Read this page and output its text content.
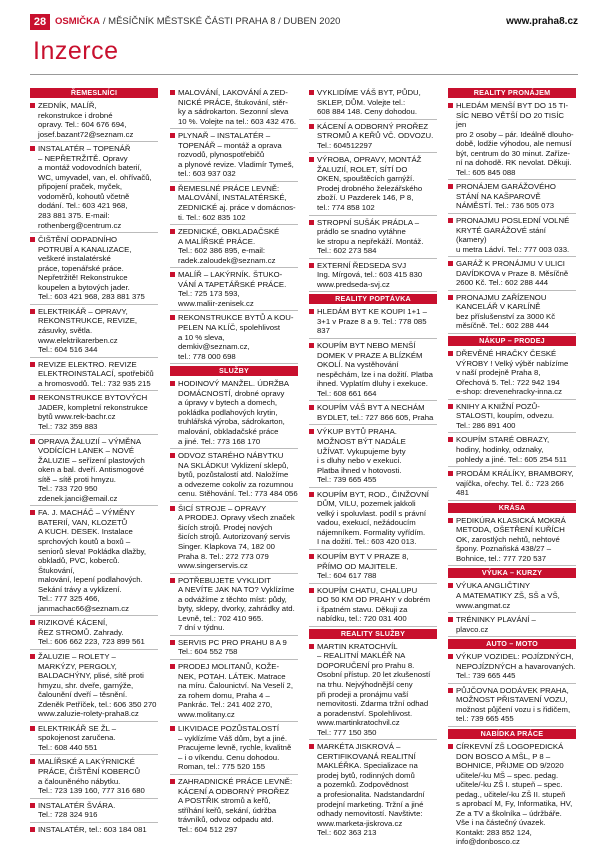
28 OSMIČKA / MĚSÍČNÍK MĚSTSKÉ ČÁSTI PRAHA 8 / DUBEN 2020	www.praha8.cz
Inzerce
ŘEMESLNÍCI
ZEDNÍK, MALÍŘ,
rekonstrukce i drobné
opravy. Tel.: 604 676 694,
josef.bazant72@seznam.cz
INSTALATÉR – TOPENÁŘ
– NEPŘETRŽITĚ. Opravy
a montáž vodovodních baterií,
WC, umyvadel, van, el. ohřívačů,
připojení praček, myček,
vodoměrů, kohoutů včetně
dodání. Tel.: 603 421 968,
283 881 375. E-mail:
rothenberg@centrum.cz
ČIŠTĚNÍ ODPADNÍHO
POTRUBÍ A KANALIZACE,
veškeré instalatérské
práce, topenářské práce.
Nepřetržitě! Rekonstrukce
koupelen a bytových jader.
Tel.: 603 421 968, 283 881 375
ELEKTRIKÁŘ – OPRAVY,
REKONSTRUKCE, REVIZE,
zásuvky, světla.
www.elektrikarerben.cz
Tel.: 604 516 344
REVIZE ELEKTRO. REVIZE
ELEKTROINSTALACÍ, spotřebičů
a hromosvodů. Tel.: 732 935 215
REKONSTRUKCE BYTOVÝCH
JADER, kompletní rekonstrukce
bytů www.rek-bachr.cz
Tel.: 732 359 883
OPRAVA ŽALUZIÍ – VÝMĚNA
VODÍCÍCH LANEK – NOVÉ
ŽALUZIE – seřízení plastových
oken a bal. dveří. Antismogové
sítě – sítě proti hmyzu.
Tel.: 733 720 950
zdenek.janci@email.cz
FA. J. MACHÁČ – VÝMĚNY
BATERIÍ, VAN, KLOZETŮ
A KUCH. DESEK. Instalace
sprchových koutů a boxů –
seniorů sleva! Pokládka dlažby,
obkladů, PVC, koberců. Štukování,
malování, lepení podlahových.
Sekání trávy a vyklizení.
Tel.: 777 325 466,
janmachac66@seznam.cz
RIZIKOVÉ KÁCENÍ,
ŘEZ STROMŮ. Zahrady.
Tel.: 606 662 223, 723 899 561
ŽALUZIE – ROLETY –
MARKÝZY, PERGOLY,
BALDACHÝNY, plisé, sítě proti
hmyzu, shr. dveře, garnýže,
čalounění dveří – těsnění.
Zdeněk Petříček, tel.: 606 350 270
www.zaluzie-rolety-praha8.cz
ELEKTRIKÁŘ SE ŽL –
spokojenost zaručena.
Tel.: 608 440 551
MALÍŘSKÉ A LAKÝRNICKÉ
PRÁCE, ČIŠTĚNÍ KOBERCŮ
a čalouněného nábytku.
Tel.: 723 139 160, 777 316 680
INSTALATÉR ŠVÁRA.
Tel.: 728 324 916
INSTALATÉR, tel.: 603 184 081
MALOVÁNÍ, LAKOVÁNÍ A ZED-
NICKÉ PRÁCE, štukování, stěr-
ky a sádrokarton. Sezonní sleva
10 %. Volejte na tel.: 603 432 476.
PLYNAŘ – INSTALATÉR –
TOPENÁŘ – montáž a oprava
rozvodů, plynospotřebičů
a plynové revize. Vladimír Tymeš,
tel.: 603 937 032
ŘEMESLNÉ PRÁCE LEVNĚ:
MALOVÁNÍ, INSTALATÉRSKÉ,
ZEDNICKÉ aj. práce v domácnos-
ti. Tel.: 602 835 102
ZEDNICKÉ, OBKLADAČSKÉ
A MALÍŘSKÉ PRÁCE.
Tel.: 602 386 895, e-mail:
radek.zaloudek@seznam.cz
MALÍŘ – LAKÝRNÍK. ŠTUKO-
VÁNÍ A TAPETÁŘSKÉ PRÁCE.
Tel.: 725 173 593,
www.maliir-zenisek.cz
REKONSTRUKCE BYTŮ A KOU-
PELEN NA KLÍČ, spolehlivost
a 10 % sleva, demkiv@seznam.cz,
tel.: 778 000 698
SLUŽBY
HODINOVÝ MANŽEL. ÚDRŽBA
DOMÁCNOSTÍ, drobné opravy
a úpravy v bytech a domech,
pokládka podlahových krytin,
truhlářská výroba, sádrokarton,
malování, obkladačské práce
a jiné. Tel.: 773 168 170
ODVOZ STARÉHO NÁBYTKU
NA SKLÁDKU! Vyklizení sklepů,
bytů, pozůstalostí atd. Naložíme
a odvezeme cokoliv za rozumnou
cenu. Stěhování. Tel.: 773 484 056
ŠICÍ STROJE – OPRAVY
A PRODEJ. Opravy všech značek
šicích strojů. Prodej nových
šicích strojů. Autorizovaný servis
Singer. Klapkova 74, 182 00
Praha 8. Tel.: 272 773 079
www.singerservis.cz
POTŘEBUJETE VYKLIDIT
A NEVÍTE JAK NA TO? Vyklízíme
a odvážíme z těchto míst: půdy,
byty, sklepy, dvorky, zahrádky atd.
Levně, tel.: 702 410 965.
7 dní v týdnu.
SERVIS PC PRO PRAHU 8 A 9
Tel.: 604 552 758
PRODEJ MOLITANŮ, KOŽE-
NEK, POTAH. LÁTEK. Matrace
na míru. Čalounictví. Na Veselí 2,
za rohem domu, Praha 4 –
Pankrác. Tel.: 241 402 270,
www.molitany.cz
LIKVIDACE POZŮSTALOSTÍ
– vyklízíme Váš dům, byt a jiné.
Pracujeme levně, rychle, kvalitně
– i o víkendu. Cenu dohodou.
Roman, tel.: 775 520 155
ZAHRADNICKÉ PRÁCE LEVNĚ:
KÁCENÍ A ODBORNÝ PROŘEZ
A POSTŘIK stromů a keřů,
stříhání keřů, sekání, údržba
trávníků, odvoz odpadu atd.
Tel.: 604 512 297
VYKLIDÍME VÁŠ BYT, PŮDU,
SKLEP, DŮM. Volejte tel.:
608 884 148. Ceny dohodou.
KÁCENÍ A ODBORNÝ PROŘEZ
STROMŮ A KEŘŮ VČ. ODVOZU.
Tel.: 604512297
VÝROBA, OPRAVY, MONTÁŽ
ŽALUZIÍ, ROLET, SÍTÍ DO
OKEN, spouštěcích garnýží.
Prodej drobného železářského
zboží. U Pazderek 146, P 8,
tel.: 774 858 102
STROPNÍ SUŠÁK PRÁDLA –
prádlo se snadno vytáhne
ke stropu a nepřekáží. Montáž.
Tel.: 602 273 584
EXTERNÍ ŘEDSEDA SVJ
Ing. Mírgová, tel.: 603 415 830
www.predseda-svj.cz
REALITY POPTÁVKA
HLEDÁM BYT KE KOUPI 1+1 –
3+1 v Praze 8 a 9. Tel.: 778 085 837
KOUPÍM BYT NEBO MENŠÍ
DOMEK V PRAZE A BLÍZKÉM
OKOLÍ. Na vystěhování
nespěchám, lze i na dožití. Platba
ihned. Vyplatím dluhy i exekuce.
Tel.: 608 661 664
KOUPÍM VÁŠ BYT A NECHÁM
BYDLET, tel.: 727 866 605, Praha
VÝKUP BYTŮ PRAHA.
MOŽNOST BÝT NADÁLE
UŽÍVAT. Vykupujeme byty
i s dluhy nebo v exekuci.
Platba ihned v hotovosti.
Tel.: 739 665 455
KOUPÍM BYT, ROD., ČINŽOVNÍ
DŮM, VILU, pozemek jakkoli
velký i spoluvlast. podíl s právní
vadou, exekucí, nežádoucím
nájemníkem. Formality vyřídím.
I na dožití. Tel.: 603 420 013.
KOUPÍM BYT V PRAZE 8,
PŘÍMO OD MAJITELE.
Tel.: 604 617 788
KOUPÍM CHATU, CHALUPU
DO 50 KM OD PRAHY v dobrém
i špatném stavu. Děkuji za
nabídku, tel.: 720 031 400
REALITY SLUŽBY
MARTIN KRATOCHVÍL
– REALITNÍ MAKLÉŘ NA
DOPORUČENÍ pro Prahu 8.
Osobní přístup. 20 let zkušeností
na trhu. Nejvýhodnější ceny
při prodeji a pronájmu vaší
nemovitosti. Zdarma tržní odhad
a poradenství. Spolehlivost.
www.martinkratochvil.cz
Tel.: 777 150 350
MARKÉTA JISKROVÁ –
CERTIFIKOVANÁ REALITNÍ
MAKLÉŘKA. Specializace na
prodej bytů, rodinných domů
a pozemků. Zodpovědnost
a profesionalita. Nadstandardní
prodejní marketing. Tržní a jiné
odhady nemovitostí. Navštivte:
www.marketa-jiskrova.cz
Tel.: 602 363 213
REALITY PRONÁJEM
HLEDÁM MENŠÍ BYT DO 15 TI-
SÍC NEBO VĚTŠÍ DO 20 TISÍC jen
pro 2 osoby – pár. Ideálně dlouho-
době, lodžie výhodou, ale nemusí
být, centrum do 30 minut. Zaříze-
ní na dohodě. RK nevolat. Děkuji.
Tel.: 605 845 088
PRONÁJEM GARÁŽOVÉHO
STÁNÍ NA KAŠPAROVĚ
NÁMĚSTÍ. Tel.: 736 505 073
PRONAJMU POSLEDNÍ VOLNÉ
KRYTÉ GARÁŽOVÉ stání (kamery)
u metra Ládví. Tel.: 777 003 033.
GARÁŽ K PRONÁJMU V ULICI
DAVÍDKOVA v Praze 8. Měsíčně
2600 Kč. Tel.: 602 288 444
PRONAJMU ZAŘÍZENOU
KANCELÁŘ V KARLÍNĚ
bez příslušenství za 3000 Kč
měsíčně. Tel.: 602 288 444
NÁKUP – PRODEJ
DŘEVĚNÉ HRAČKY ČESKÉ
VÝROBY ! Velký výběr nabízíme
v naší prodejně Praha 8,
Ořechová 5. Tel.: 722 942 194
e-shop: drevenehracky-inna.cz
KNIHY A KNIŽNÍ POZŮ-
STALOSTI, koupím, odvezu.
Tel.: 286 891 400
KOUPÍM STARÉ OBRAZY,
hodiny, hodinky, odznaky,
pohledy a jiné. Tel.: 605 254 511
PRODÁM KRÁLÍKY, BRAMBORY,
vajíčka, ořechy. Tel. č.: 723 266 481
KRÁSA
PEDIKÚRA KLASICKÁ MOKRÁ
METODA, OŠETŘENÍ KUŘÍCH
OK, zarostlých nehtů, nehtové
špony. Poznaňská 438/27 –
Bohnice, tel.: 777 720 537
VÝUKA – KURZY
VÝUKA ANGLIČTINY
A MATEMATIKY ZŠ, SŠ a VŠ,
www.angmat.cz
TRÉNINKY PLAVÁNÍ –
plavco.cz
AUTO – MOTO
VÝKUP VOZIDEL: POJÍZDNÝCH,
NEPOJÍZDNÝCH a havarovaných.
Tel.: 739 665 445
PŮJČOVNA DODÁVEK PRAHA,
MOŽNOST PŘISTAVENÍ VOZU,
možnost půjčení vozu i s řidičem,
tel.: 739 665 455
NABÍDKA PRÁCE
CÍRKEVNÍ ZŠ LOGOPEDICKÁ
DON BOSCO A MŠL, P 8 –
BOHNICE, PŘIJME OD 9/2020
učitele/-ku MŠ – spec. pedag.
učitele/-ku ZŠ I. stupeň – spec.
pedag., učitele/-ku ZŠ II. stupeň
s aprobací M, Fy, Informatika, HV,
Ze a TV a školníka – údržbáře.
Vše i na částečný úvazek.
Kontakt: 283 852 124,
info@donbosco.cz
